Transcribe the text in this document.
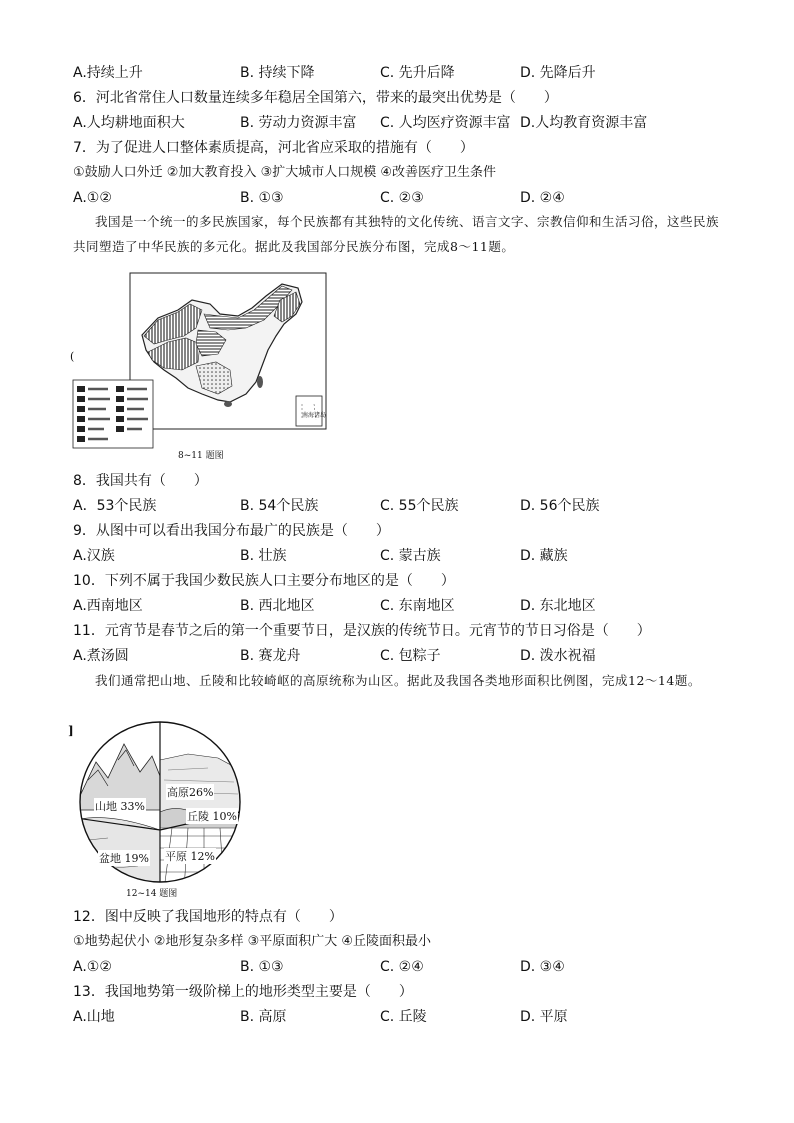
A.持续上升	B. 持续下降	C. 先升后降	D. 先降后升
6．河北省常住人口数量连续多年稳居全国第六，带来的最突出优势是（　　）
A.人均耕地面积大	B. 劳动力资源丰富 C. 人均医疗资源丰富 D.人均教育资源丰富
7．为了促进人口整体素质提高，河北省应采取的措施有（　　）
①鼓励人口外迁 ②加大教育投入 ③扩大城市人口规模 ④改善医疗卫生条件
A.①②	B. ①③	C. ②③	D. ②④
我国是一个统一的多民族国家，每个民族都有其独特的文化传统、语言文字、宗教信仰和生活习俗，这些民族共同塑造了中华民族的多元化。据此及我国部分民族分布图，完成8～11题。
(
南海诸岛
8~11 题图
8．我国共有（　　）
A．53个民族	B. 54个民族	C. 55个民族	D. 56个民族
9．从图中可以看出我国分布最广的民族是（　　）
A.汉族	B. 壮族	C. 蒙古族	D. 藏族
10．下列不属于我国少数民族人口主要分布地区的是（　　）
A.西南地区	B. 西北地区	C. 东南地区	D. 东北地区
11．元宵节是春节之后的第一个重要节日，是汉族的传统节日。元宵节的节日习俗是（　　）
A.煮汤圆	B. 赛龙舟	C. 包粽子	D. 泼水祝福
我们通常把山地、丘陵和比较崎岖的高原统称为山区。据此及我国各类地形面积比例图，完成12～14题。
]
高原26%
山地 33%
丘陵 10%
盆地 19% 平原 12%
12~14 题图
12．图中反映了我国地形的特点有（　　）
①地势起伏小 ②地形复杂多样 ③平原面积广大 ④丘陵面积最小
A.①②	B. ①③	C. ②④	D. ③④
13．我国地势第一级阶梯上的地形类型主要是（　　）
A.山地	B. 高原	C. 丘陵	D. 平原
